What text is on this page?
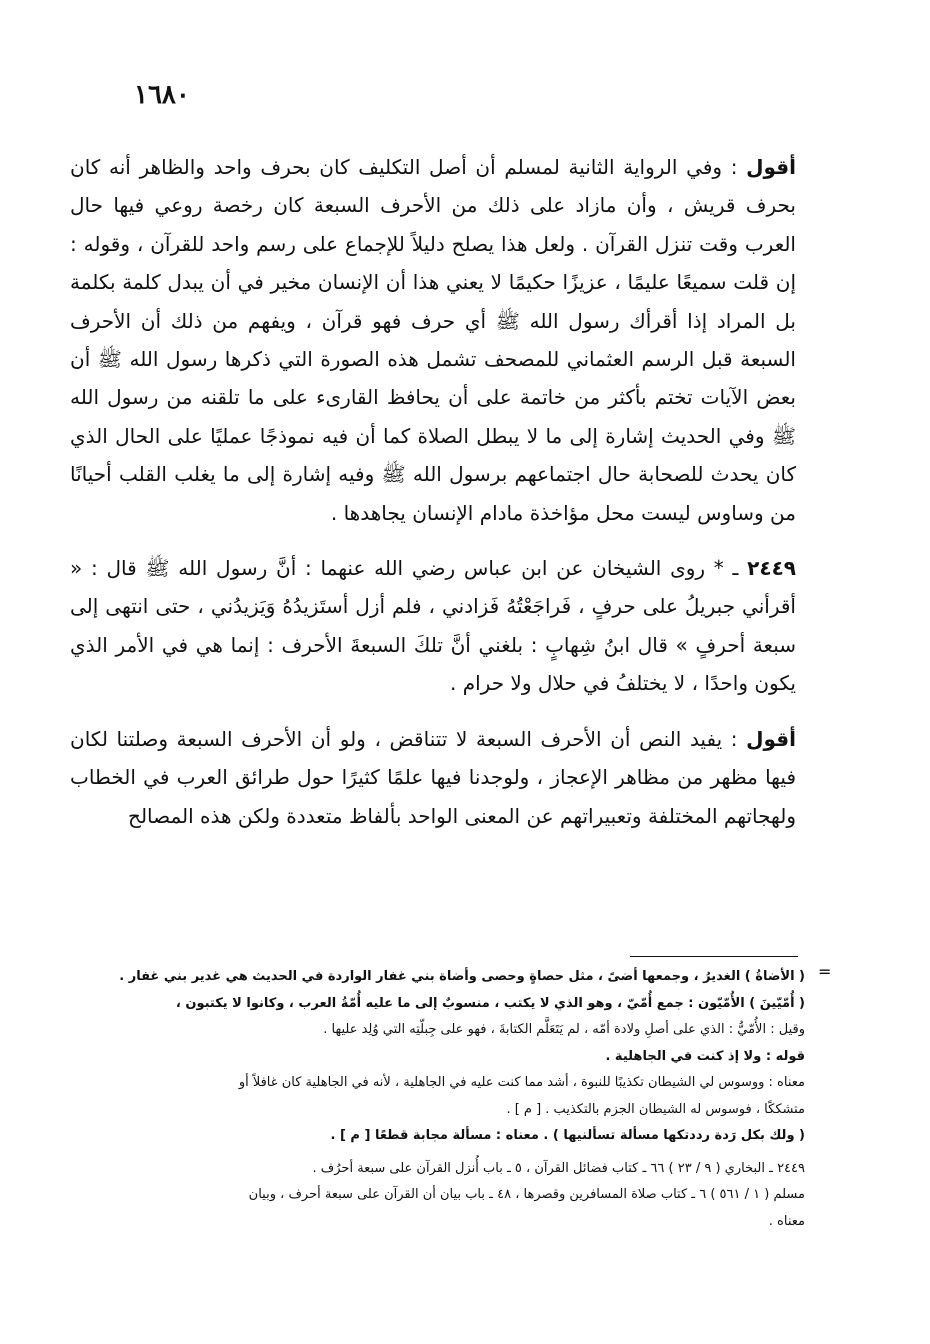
١٦٨٠

أقول : وفي الرواية الثانية لمسلم أن أصل التكليف كان بحرف واحد والظاهر أنه كان بحرف قريش ، وأن مازاد على ذلك من الأحرف السبعة كان رخصة روعي فيها حال العرب وقت تنزل القرآن . ولعل هذا يصلح دليلاً للإجماع على رسم واحد للقرآن ، وقوله : إن قلت سميعًا عليمًا ، عزيزًا حكيمًا لا يعني هذا أن الإنسان مخير في أن يبدل كلمة بكلمة بل المراد إذا أقرأك رسول الله ﷺ أي حرف فهو قرآن ، ويفهم من ذلك أن الأحرف السبعة قبل الرسم العثماني للمصحف تشمل هذه الصورة التي ذكرها رسول الله ﷺ أن بعض الآيات تختم بأكثر من خاتمة على أن يحافظ القارىء على ما تلقنه من رسول الله ﷺ وفي الحديث إشارة إلى ما لا يبطل الصلاة كما أن فيه نموذجًا عمليًا على الحال الذي كان يحدث للصحابة حال اجتماعهم برسول الله ﷺ وفيه إشارة إلى ما يغلب القلب أحيانًا من وساوس ليست محل مؤاخذة مادام الإنسان يجاهدها .

٢٤٤٩ ـ * روى الشيخان عن ابن عباس رضي الله عنهما : أنَّ رسول الله ﷺ قال : « أقرأني جبريلُ على حرفٍ ، فَراجَعْتُهُ فَزادني ، فلم أزل أستَزيدُهُ وَيَزيدُني ، حتى انتهى إلى سبعة أحرفٍ » قال ابنُ شِهابٍ : بلغني أنَّ تلكَ السبعةَ الأحرف : إنما هي في الأمر الذي يكون واحدًا ، لا يختلفُ في حلال ولا حرام .

أقول : يفيد النص أن الأحرف السبعة لا تتناقض ، ولو أن الأحرف السبعة وصلتنا لكان فيها مظهر من مظاهر الإعجاز ، ولوجدنا فيها علمًا كثيرًا حول طرائق العرب في الخطاب ولهجاتهم المختلفة وتعبيراتهم عن المعنى الواحد بألفاظ متعددة ولكن هذه المصالح

=

( الأضاةُ ) الغديرُ ، وجمعها أضىً ، مثل حصاةٍ وحصى وأضاة بني غفار الواردة في الحديث هي غدير بني غفار .

( أُمّيّينَ ) الأُمّيّون : جمع أُمّيّ ، وهو الذي لا يكتب ، منسوبٌ إلى ما عليه أُمّةُ العرب ، وكانوا لا يكتبون ،

وقيل : الأُمّيُّ : الذي على أصلِ ولادة أمّه ، لم يَتَعَلَّم الكتابةَ ، فهو على جِبلّتِه التي وُلِد عليها .

قوله : ولا إذ كنت في الجاهلية .

معناه : ووسوس لي الشيطان تكذيبًا للنبوة ، أشد مما كنت عليه في الجاهلية ، لأنه في الجاهلية كان غافلاً أو

متشككًا ، فوسوس له الشيطان الجزم بالتكذيب . [ م ] .

( ولك بكل رَدة رددتكها مسألة تسألنيها ) . معناه : مسألة مجابة قطعًا [ م ] .

٢٤٤٩ ـ البخاري ( ٩ / ٢٣ ) ٦٦ ـ كتاب فضائل القرآن ، ٥ ـ باب أُنزل القرآن على سبعة أحرُف .

مسلم ( ١ / ٥٦١ ) ٦ ـ كتاب صلاة المسافرين وقصرها ، ٤٨ ـ باب بيان أن القرآن على سبعة أحرف ، وبيان

معناه .
